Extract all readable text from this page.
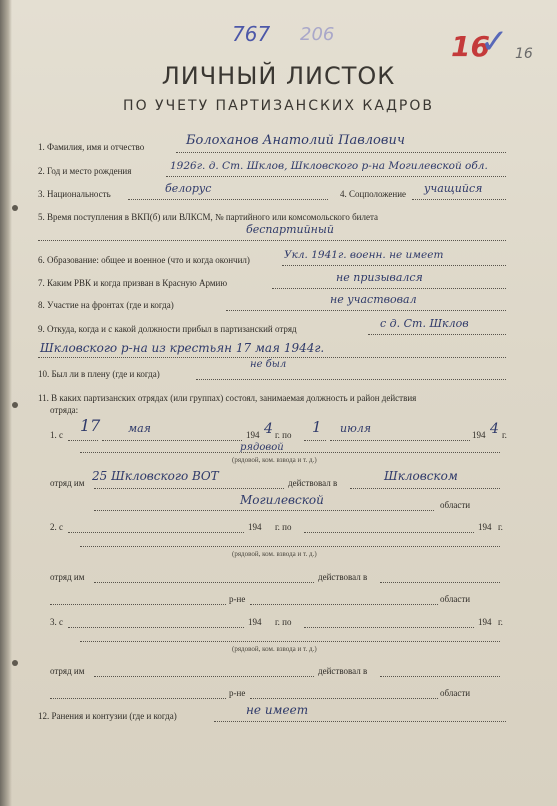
767 206	16
✓ 16
ЛИЧНЫЙ ЛИСТОК
ПО УЧЕТУ ПАРТИЗАНСКИХ КАДРОВ
1. Фамилия, имя и отчество	Болоханов Анатолий Павлович
2. Год и место рождения	1926г. д. Ст. Шклов, Шкловского р-на Могилевской обл.
3. Национальность	белорус	4. Соцположение учащийся
5. Время поступления в ВКП(б) или ВЛКСМ, № партийного или комсомольского билета
беспартийный
6. Образование: общее и военное (что и когда окончил)	Укл. 1941г. военн. не имеет
7. Каким РВК и когда призван в Красную Армию	не призывался
8. Участие на фронтах (где и когда)	не участвовал
9. Откуда, когда и с какой должности прибыл в партизанский отряд	с д. Ст. Шклов
Шкловского р-на из крестьян 17 мая 1944г.
10. Был ли в плену (где и когда)
не был
11. В каких партизанских отрядах (или группах) состоял, занимаемая должность и район действия
отряда:
1. с 17	мая	194 4 г. по 1 июля	194 4 г.
рядовой
(рядовой, ком. взвода и т. д.)
отряд им 25 Шкловского ВОТ	действовал в	Шкловском
Могилевской	области
2. с	194 г. по	194 г.
(рядовой, ком. взвода и т. д.)
отряд им	действовал в
р-не	области
3. с	194 г. по	194 г.
(рядовой, ком. взвода и т. д.)
отряд им	действовал в
р-не	области
12. Ранения и контузии (где и когда)	не имеет
